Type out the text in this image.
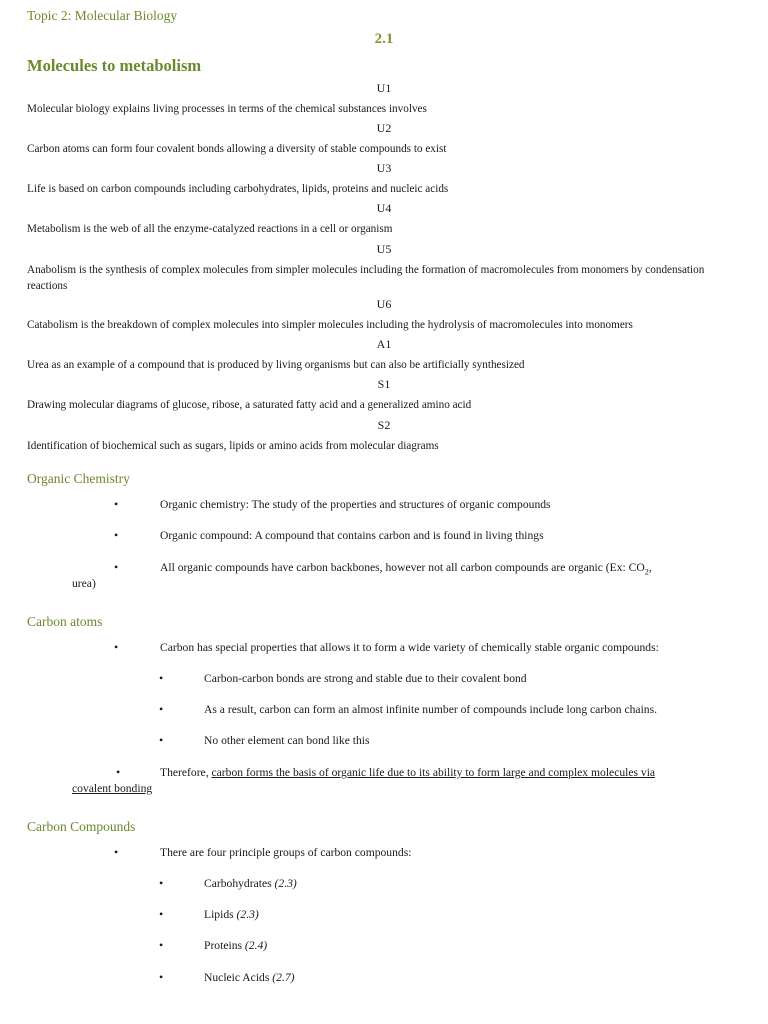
Topic 2: Molecular Biology
2.1
Molecules to metabolism
U1
Molecular biology explains living processes in terms of the chemical substances involves
U2
Carbon atoms can form four covalent bonds allowing a diversity of stable compounds to exist
U3
Life is based on carbon compounds including carbohydrates, lipids, proteins and nucleic acids
U4
Metabolism is the web of all the enzyme-catalyzed reactions in a cell or organism
U5
Anabolism is the synthesis of complex molecules from simpler molecules including the formation of macromolecules from monomers by condensation reactions
U6
Catabolism is the breakdown of complex molecules into simpler molecules including the hydrolysis of macromolecules into monomers
A1
Urea as an example of a compound that is produced by living organisms but can also be artificially synthesized
S1
Drawing molecular diagrams of glucose, ribose, a saturated fatty acid and a generalized amino acid
S2
Identification of biochemical such as sugars, lipids or amino acids from molecular diagrams
Organic Chemistry
•	Organic chemistry: The study of the properties and structures of organic compounds
•	Organic compound: A compound that contains carbon and is found in living things
•	All organic compounds have carbon backbones, however not all carbon compounds are organic (Ex: $CO_2$,
urea)
Carbon atoms
•	Carbon has special properties that allows it to form a wide variety of chemically stable organic compounds:
•	Carbon-carbon bonds are strong and stable due to their covalent bond
•	As a result, carbon can form an almost infinite number of compounds include long carbon chains.
•	No other element can bond like this
•	Therefore, carbon forms the basis of organic life due to its ability to form large and complex molecules via
covalent bonding
Carbon Compounds
•	There are four principle groups of carbon compounds:
•	Carbohydrates (2.3)
•	Lipids (2.3)
•	Proteins (2.4)
•	Nucleic Acids (2.7)
